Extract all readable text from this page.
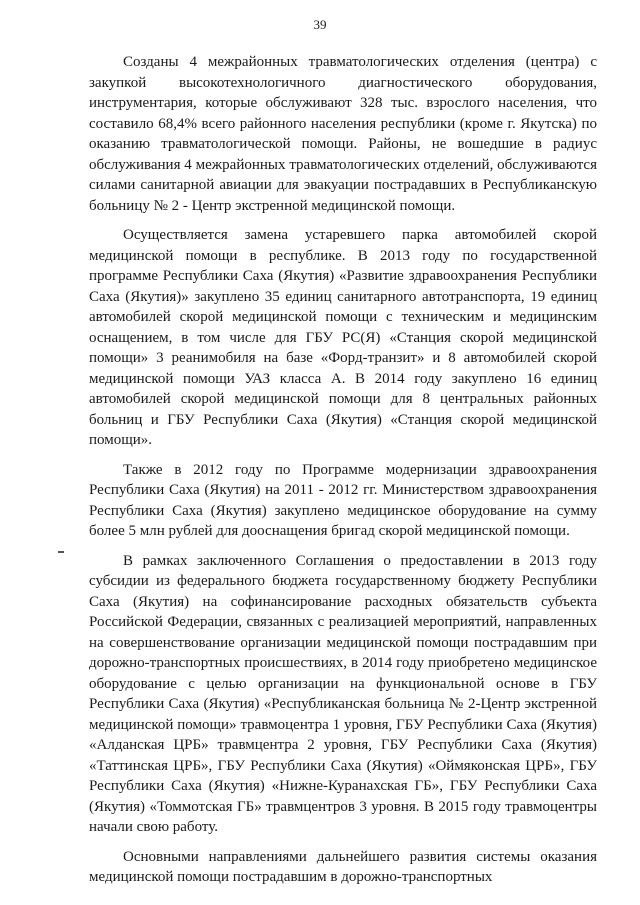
39

Созданы 4 межрайонных травматологических отделения (центра) с закупкой высокотехнологичного диагностического оборудования, инструментария, которые обслуживают 328 тыс. взрослого населения, что составило 68,4% всего районного населения республики (кроме г. Якутска) по оказанию травматологической помощи. Районы, не вошедшие в радиус обслуживания 4 межрайонных травматологических отделений, обслуживаются силами санитарной авиации для эвакуации пострадавших в Республиканскую больницу № 2 - Центр экстренной медицинской помощи.

Осуществляется замена устаревшего парка автомобилей скорой медицинской помощи в республике. В 2013 году по государственной программе Республики Саха (Якутия) «Развитие здравоохранения Республики Саха (Якутия)» закуплено 35 единиц санитарного автотранспорта, 19 единиц автомобилей скорой медицинской помощи с техническим и медицинским оснащением, в том числе для ГБУ РС(Я) «Станция скорой медицинской помощи» 3 реанимобиля на базе «Форд-транзит» и 8 автомобилей скорой медицинской помощи УАЗ класса А. В 2014 году закуплено 16 единиц автомобилей скорой медицинской помощи для 8 центральных районных больниц и ГБУ Республики Саха (Якутия) «Станция скорой медицинской помощи».

Также в 2012 году по Программе модернизации здравоохранения Республики Саха (Якутия) на 2011 - 2012 гг. Министерством здравоохранения Республики Саха (Якутия) закуплено медицинское оборудование на сумму более 5 млн рублей для дооснащения бригад скорой медицинской помощи.

В рамках заключенного Соглашения о предоставлении в 2013 году субсидии из федерального бюджета государственному бюджету Республики Саха (Якутия) на софинансирование расходных обязательств субъекта Российской Федерации, связанных с реализацией мероприятий, направленных на совершенствование организации медицинской помощи пострадавшим при дорожно-транспортных происшествиях, в 2014 году приобретено медицинское оборудование с целью организации на функциональной основе в ГБУ Республики Саха (Якутия) «Республиканская больница № 2-Центр экстренной медицинской помощи» травмоцентра 1 уровня, ГБУ Республики Саха (Якутия) «Алданская ЦРБ» травмцентра 2 уровня, ГБУ Республики Саха (Якутия) «Таттинская ЦРБ», ГБУ Республики Саха (Якутия) «Оймяконская ЦРБ», ГБУ Республики Саха (Якутия) «Нижне-Куранахская ГБ», ГБУ Республики Саха (Якутия) «Томмотская ГБ» травмцентров 3 уровня. В 2015 году травмоцентры начали свою работу.

Основными направлениями дальнейшего развития системы оказания медицинской помощи пострадавшим в дорожно-транспортных
